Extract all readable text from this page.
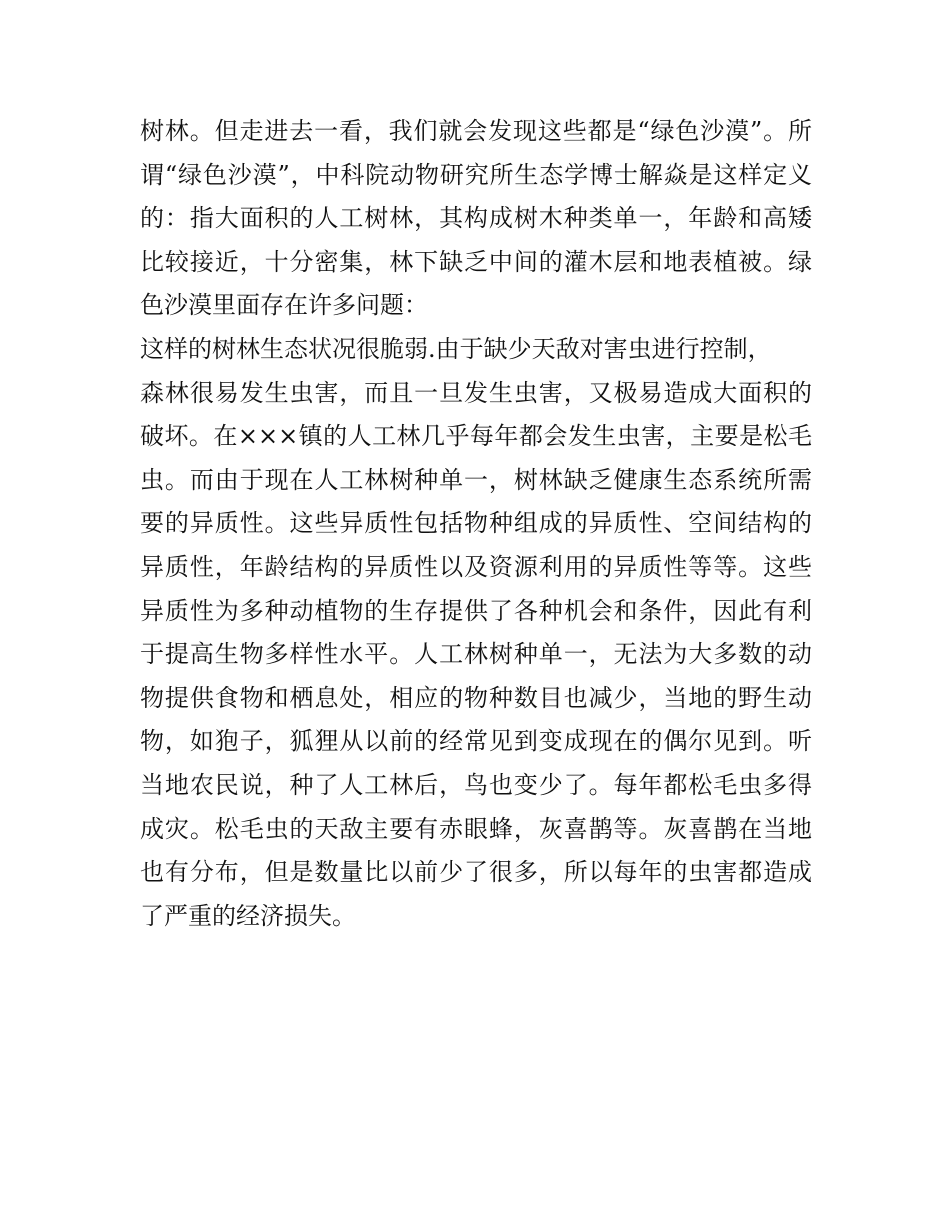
树林。但走进去一看，我们就会发现这些都是“绿色沙漠”。所
谓“绿色沙漠”，中科院动物研究所生态学博士解焱是这样定义
的：指大面积的人工树林，其构成树木种类单一，年龄和高矮
比较接近，十分密集，林下缺乏中间的灌木层和地表植被。绿
色沙漠里面存在许多问题：
这样的树林生态状况很脆弱.由于缺少天敌对害虫进行控制，
森林很易发生虫害，而且一旦发生虫害，又极易造成大面积的
破坏。在×××镇的人工林几乎每年都会发生虫害，主要是松毛
虫。而由于现在人工林树种单一，树林缺乏健康生态系统所需
要的异质性。这些异质性包括物种组成的异质性、空间结构的
异质性，年龄结构的异质性以及资源利用的异质性等等。这些
异质性为多种动植物的生存提供了各种机会和条件，因此有利
于提高生物多样性水平。人工林树种单一，无法为大多数的动
物提供食物和栖息处，相应的物种数目也减少，当地的野生动
物，如狍子，狐狸从以前的经常见到变成现在的偶尔见到。听
当地农民说，种了人工林后，鸟也变少了。每年都松毛虫多得
成灾。松毛虫的天敌主要有赤眼蜂，灰喜鹊等。灰喜鹊在当地
也有分布，但是数量比以前少了很多，所以每年的虫害都造成
了严重的经济损失。
